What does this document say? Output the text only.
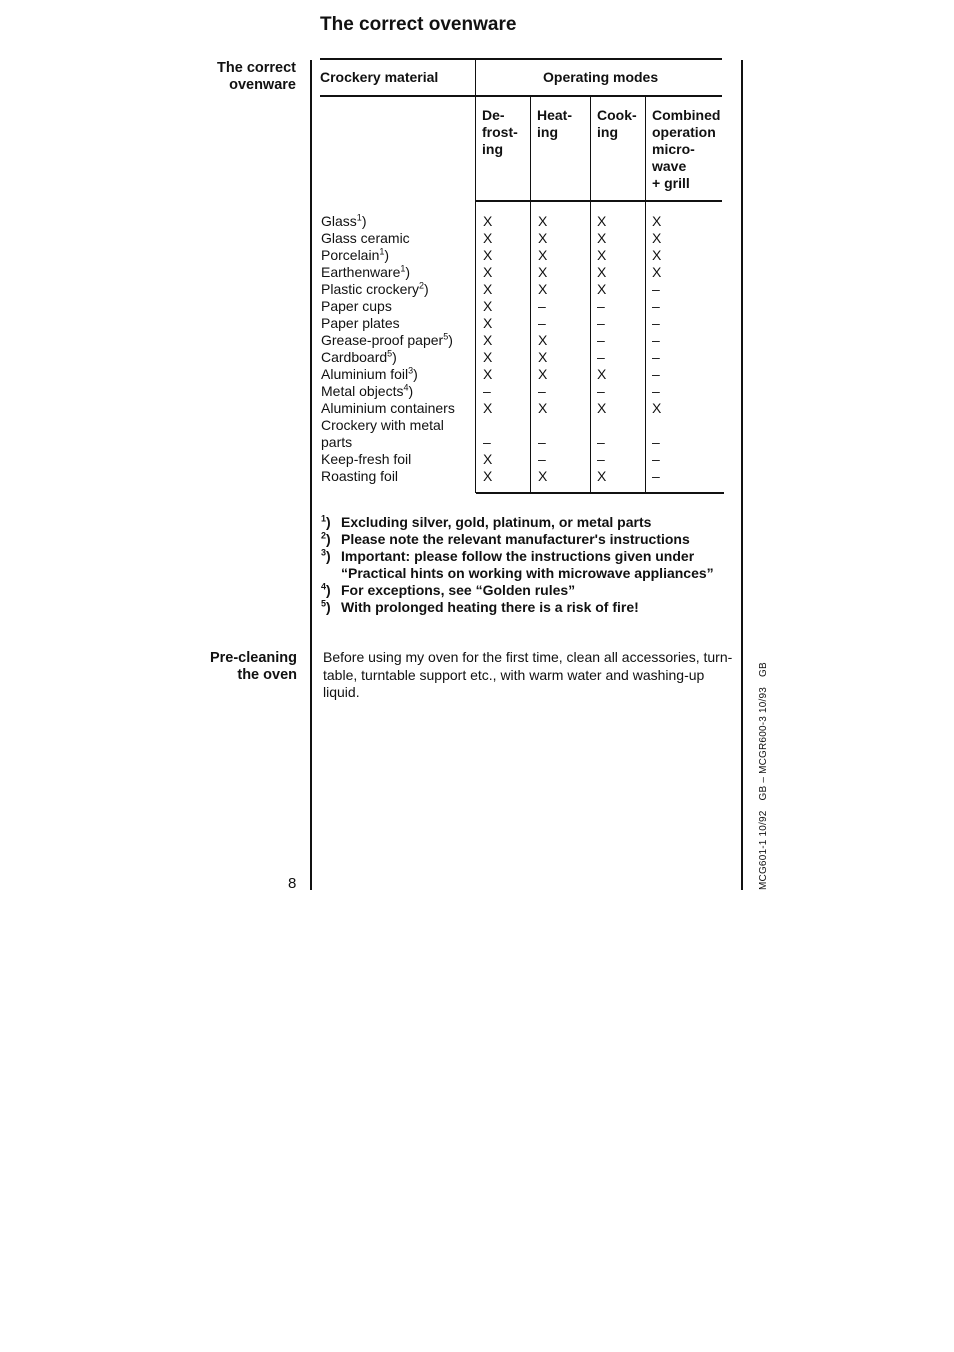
The correct ovenware
The correct
ovenware
Pre-cleaning
the oven
Crockery material	Operating modes
De-
frost-
ing
Heat-
ing
Cook-
ing
Combined
operation
micro-
wave
+ grill
Glass$^1$)
Glass ceramic
Porcelain$^1$)
Earthenware$^1$)
Plastic crockery$^2$)
Paper cups
Paper plates
Grease-proof paper$^5$)
Cardboard$^5$)
Aluminium foil$^3$)
Metal objects$^4$)
Aluminium containers
Crockery with metal
parts
Keep-fresh foil
Roasting foil
X
X
X
X
X
X
X
X
X
X
–
X
–
X
X
X
X
X
X
X
–
–
X
X
X
–
X
–
–
X
X
X
X
X
X
–
–
–
–
X
–
X
–
–
X
X
X
X
X
–
–
–
–
–
–
–
X
–
–
–
$^1$) Excluding silver, gold, platinum, or metal parts
$^2$) Please note the relevant manufacturer's instructions
$^3$) Important: please follow the instructions given under “Practical hints on working with microwave appliances”
$^4$) For exceptions, see “Golden rules”
$^5$) With prolonged heating there is a risk of fire!
Before using my oven for the first time, clean all accessories, turn-table, turntable support etc., with warm water and washing-up liquid.
8	MCG601-1 10/92GB – MCGR600-3 10/93GB
